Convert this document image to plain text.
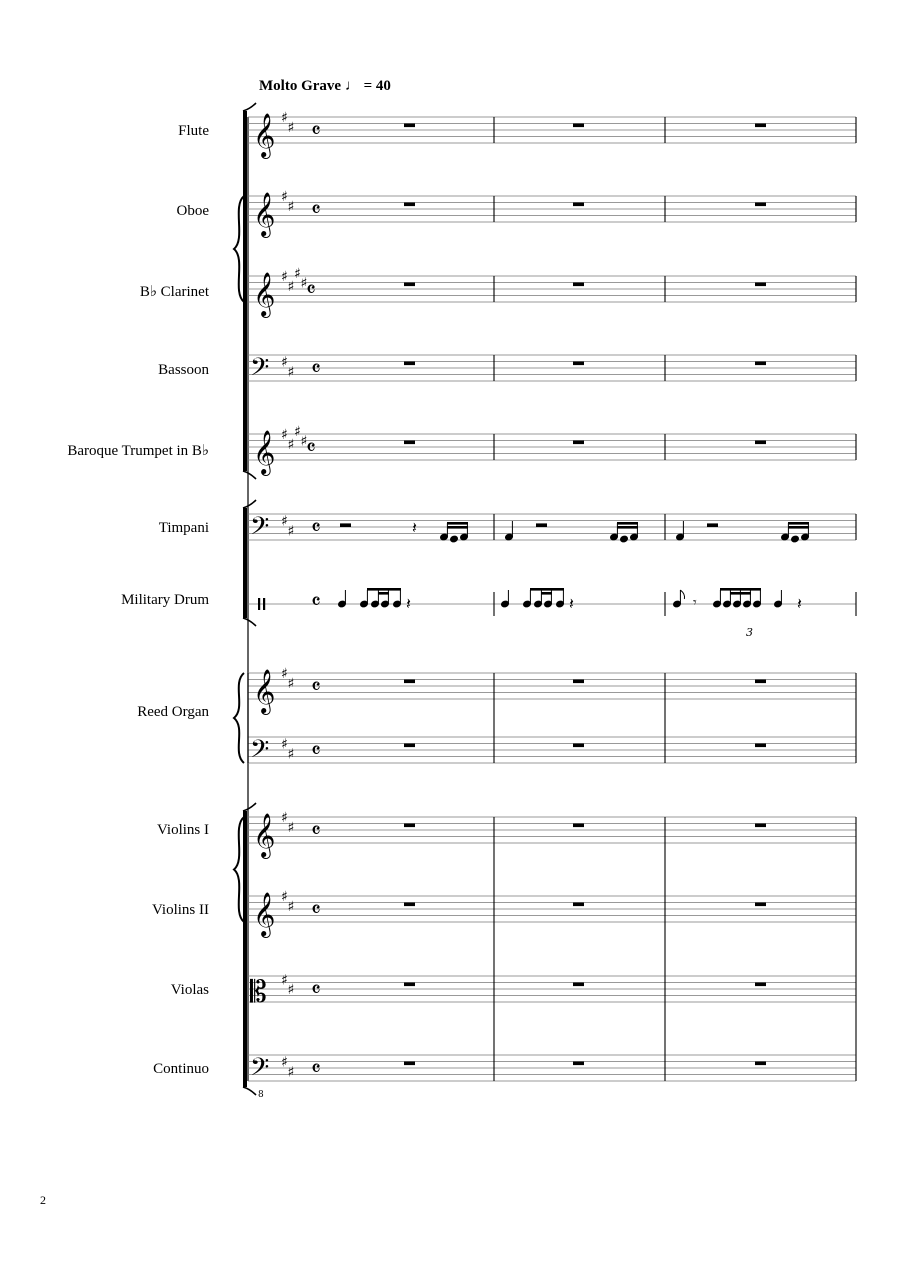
Molto Grave ♩ = 40
Flute
Oboe
B♭ Clarinet
Bassoon
Baroque Trumpet in B♭
Timpani
Military Drum
Reed Organ
Violins I
Violins II
Violas
Continuo
𝄞 ♯
♯ 𝄴
𝄞 ♯
♯ 𝄴
𝄞 ♯
♯
♯
♯
𝄴
𝄢 ♯
♯ 𝄴
𝄞 ♯
♯
♯
♯
𝄴
𝄞 ♯
♯ 𝄴
𝄢 ♯
♯ 𝄴
𝄞 ♯
♯ 𝄴
𝄞 ♯
♯ 𝄴
𝄡 ♯
♯ 𝄴
𝄢 ♯
♯ 𝄴
𝄢 ♯
♯ 𝄴	𝄽
𝄴	𝄽	𝄽	𝄾
3
𝄽
8
2
